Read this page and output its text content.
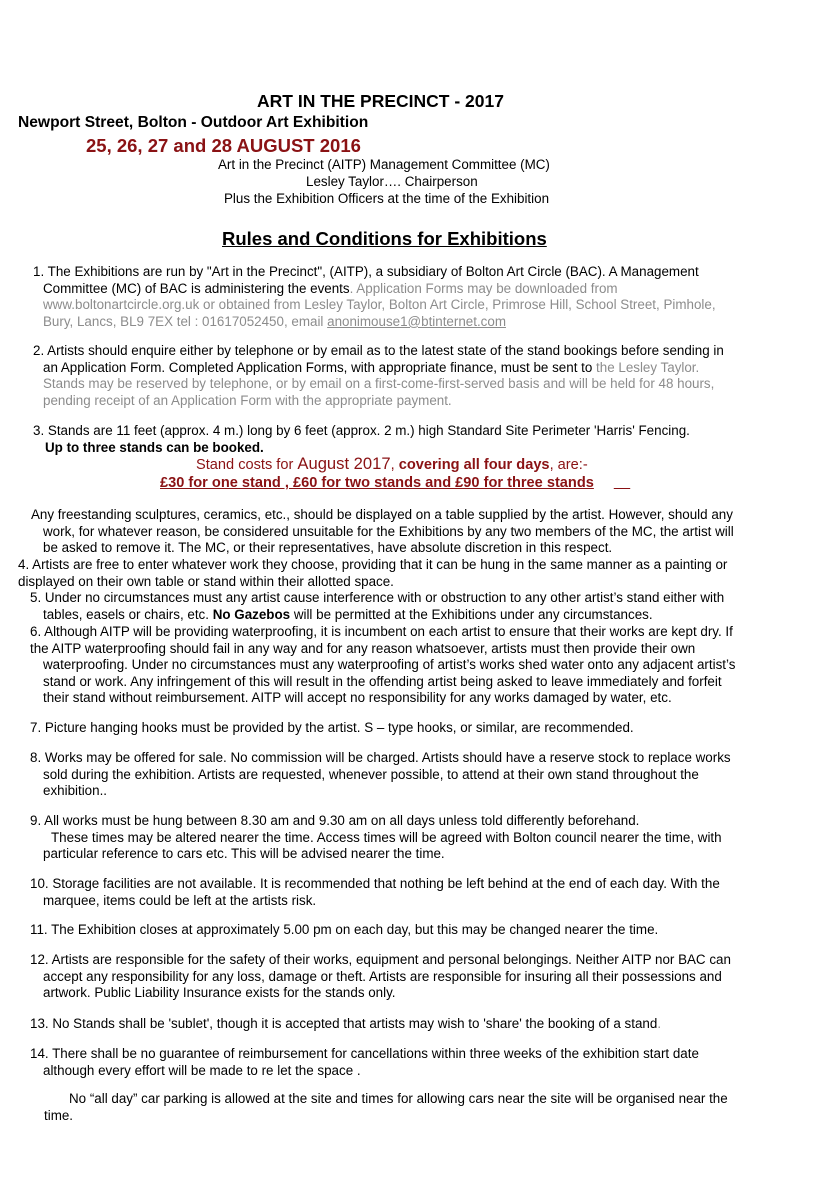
ART IN THE PRECINCT - 2017
Newport Street, Bolton - Outdoor Art Exhibition
25, 26, 27 and 28 AUGUST 2016
Art in the Precinct (AITP) Management Committee (MC)
Lesley Taylor…. Chairperson
Plus the Exhibition Officers at the time of the Exhibition
Rules and Conditions for Exhibitions
1. The Exhibitions are run by "Art in the Precinct", (AITP), a subsidiary of Bolton Art Circle (BAC). A Management
Committee (MC) of BAC is administering the events. Application Forms may be downloaded from
www.boltonartcircle.org.uk or obtained from Lesley Taylor, Bolton Art Circle, Primrose Hill, School Street, Pimhole,
Bury, Lancs, BL9 7EX tel : 01617052450, email anonimouse1@btinternet.com
2. Artists should enquire either by telephone or by email as to the latest state of the stand bookings before sending in
an Application Form. Completed Application Forms, with appropriate finance, must be sent to the Lesley Taylor.
Stands may be reserved by telephone, or by email on a first-come-first-served basis and will be held for 48 hours,
pending receipt of an Application Form with the appropriate payment.
3. Stands are 11 feet (approx. 4 m.) long by 6 feet (approx. 2 m.) high Standard Site Perimeter 'Harris' Fencing.
Up to three stands can be booked.
Stand costs for August 2017, covering all four days, are:-
£30 for one stand , £60 for two stands and £90 for three stands __
Any freestanding sculptures, ceramics, etc., should be displayed on a table supplied by the artist. However, should any
work, for whatever reason, be considered unsuitable for the Exhibitions by any two members of the MC, the artist will
be asked to remove it. The MC, or their representatives, have absolute discretion in this respect.
4. Artists are free to enter whatever work they choose, providing that it can be hung in the same manner as a painting or
displayed on their own table or stand within their allotted space.
5. Under no circumstances must any artist cause interference with or obstruction to any other artist’s stand either with
tables, easels or chairs, etc. No Gazebos will be permitted at the Exhibitions under any circumstances.
6. Although AITP will be providing waterproofing, it is incumbent on each artist to ensure that their works are kept dry. If
the AITP waterproofing should fail in any way and for any reason whatsoever, artists must then provide their own
waterproofing. Under no circumstances must any waterproofing of artist’s works shed water onto any adjacent artist’s
stand or work. Any infringement of this will result in the offending artist being asked to leave immediately and forfeit
their stand without reimbursement. AITP will accept no responsibility for any works damaged by water, etc.
7. Picture hanging hooks must be provided by the artist. S – type hooks, or similar, are recommended.
8. Works may be offered for sale. No commission will be charged. Artists should have a reserve stock to replace works
sold during the exhibition. Artists are requested, whenever possible, to attend at their own stand throughout the
exhibition..
9. All works must be hung between 8.30 am and 9.30 am on all days unless told differently beforehand.
These times may be altered nearer the time. Access times will be agreed with Bolton council nearer the time, with
particular reference to cars etc. This will be advised nearer the time.
10. Storage facilities are not available. It is recommended that nothing be left behind at the end of each day. With the
marquee, items could be left at the artists risk.
11. The Exhibition closes at approximately 5.00 pm on each day, but this may be changed nearer the time.
12. Artists are responsible for the safety of their works, equipment and personal belongings. Neither AITP nor BAC can
accept any responsibility for any loss, damage or theft. Artists are responsible for insuring all their possessions and
artwork. Public Liability Insurance exists for the stands only.
13. No Stands shall be 'sublet', though it is accepted that artists may wish to 'share' the booking of a stand.
14. There shall be no guarantee of reimbursement for cancellations within three weeks of the exhibition start date
although every effort will be made to re let the space .
No “all day” car parking is allowed at the site and times for allowing cars near the site will be organised near the
time.
